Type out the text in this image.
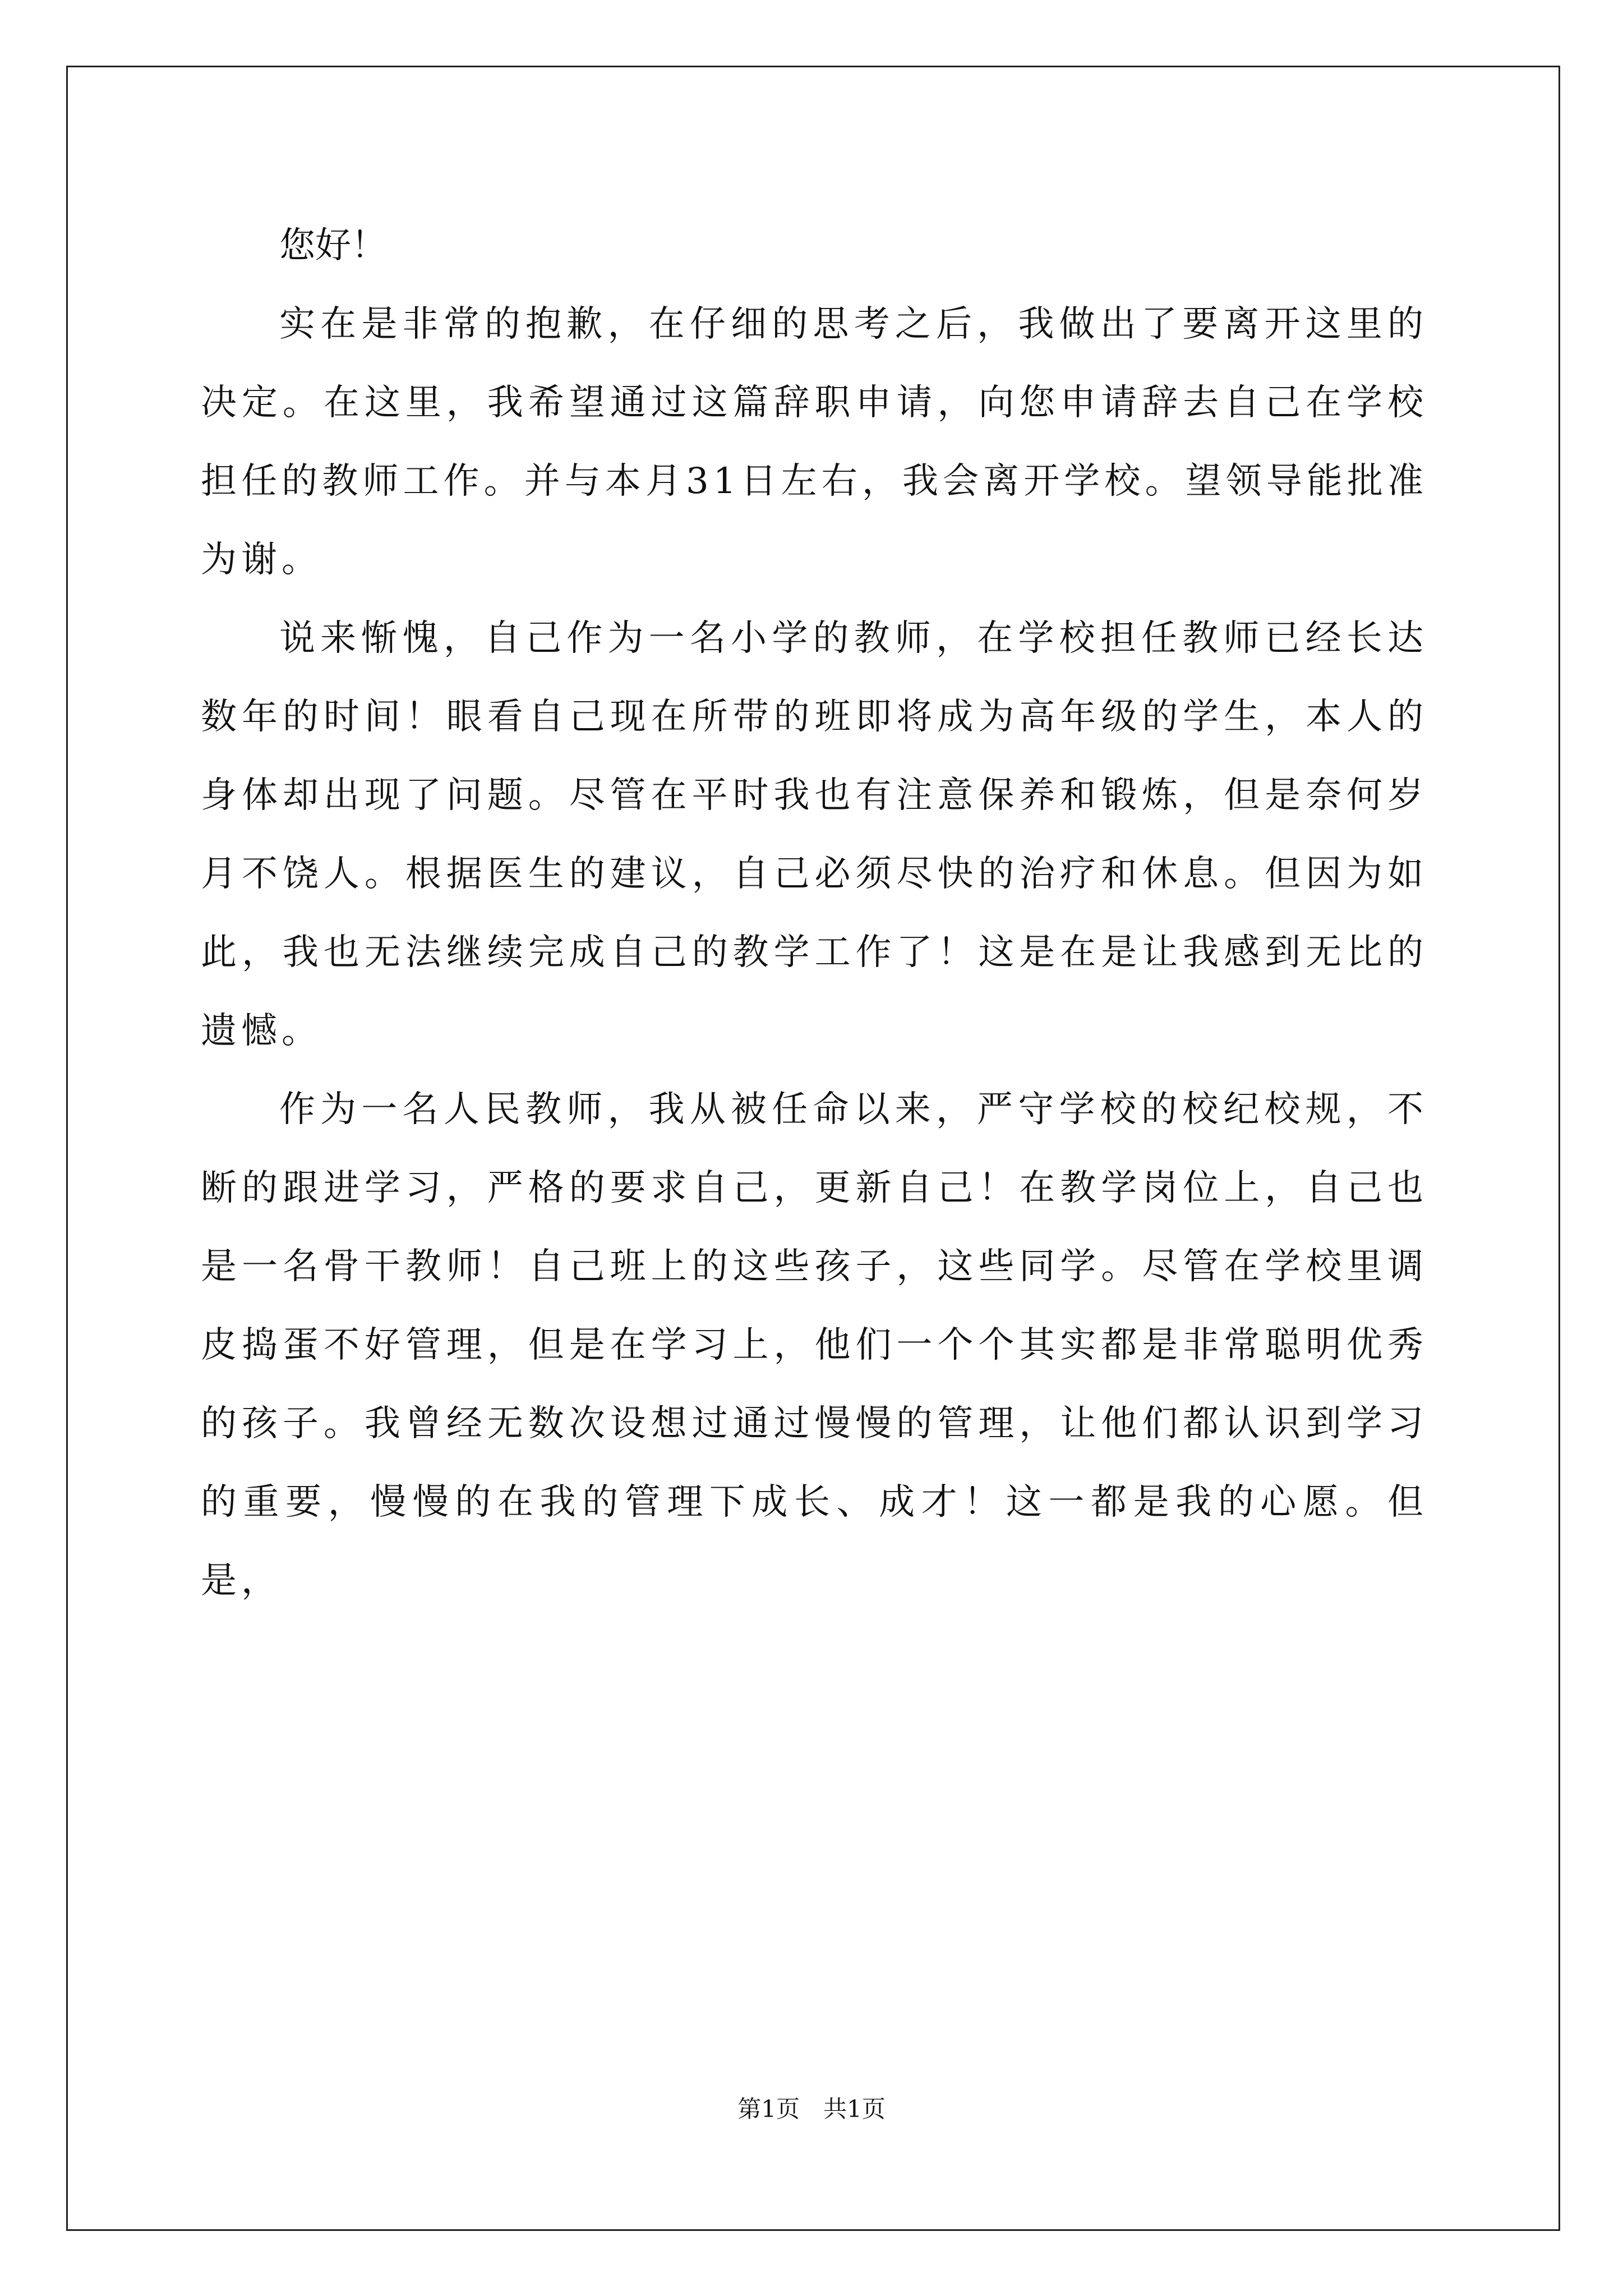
您好！

实在是非常的抱歉，在仔细的思考之后，我做出了要离开这里的决定。在这里，我希望通过这篇辞职申请，向您申请辞去自己在学校担任的教师工作。并与本月31日左右，我会离开学校。望领导能批准为谢。

说来惭愧，自己作为一名小学的教师，在学校担任教师已经长达数年的时间！眼看自己现在所带的班即将成为高年级的学生，本人的身体却出现了问题。尽管在平时我也有注意保养和锻炼，但是奈何岁月不饶人。根据医生的建议，自己必须尽快的治疗和休息。但因为如此，我也无法继续完成自己的教学工作了！这是在是让我感到无比的遗憾。

作为一名人民教师，我从被任命以来，严守学校的校纪校规，不断的跟进学习，严格的要求自己，更新自己！在教学岗位上，自己也是一名骨干教师！自己班上的这些孩子，这些同学。尽管在学校里调皮捣蛋不好管理，但是在学习上，他们一个个其实都是非常聪明优秀的孩子。我曾经无数次设想过通过慢慢的管理，让他们都认识到学习的重要，慢慢的在我的管理下成长、成才！这一都是我的心愿。但是，

第1页　共1页
